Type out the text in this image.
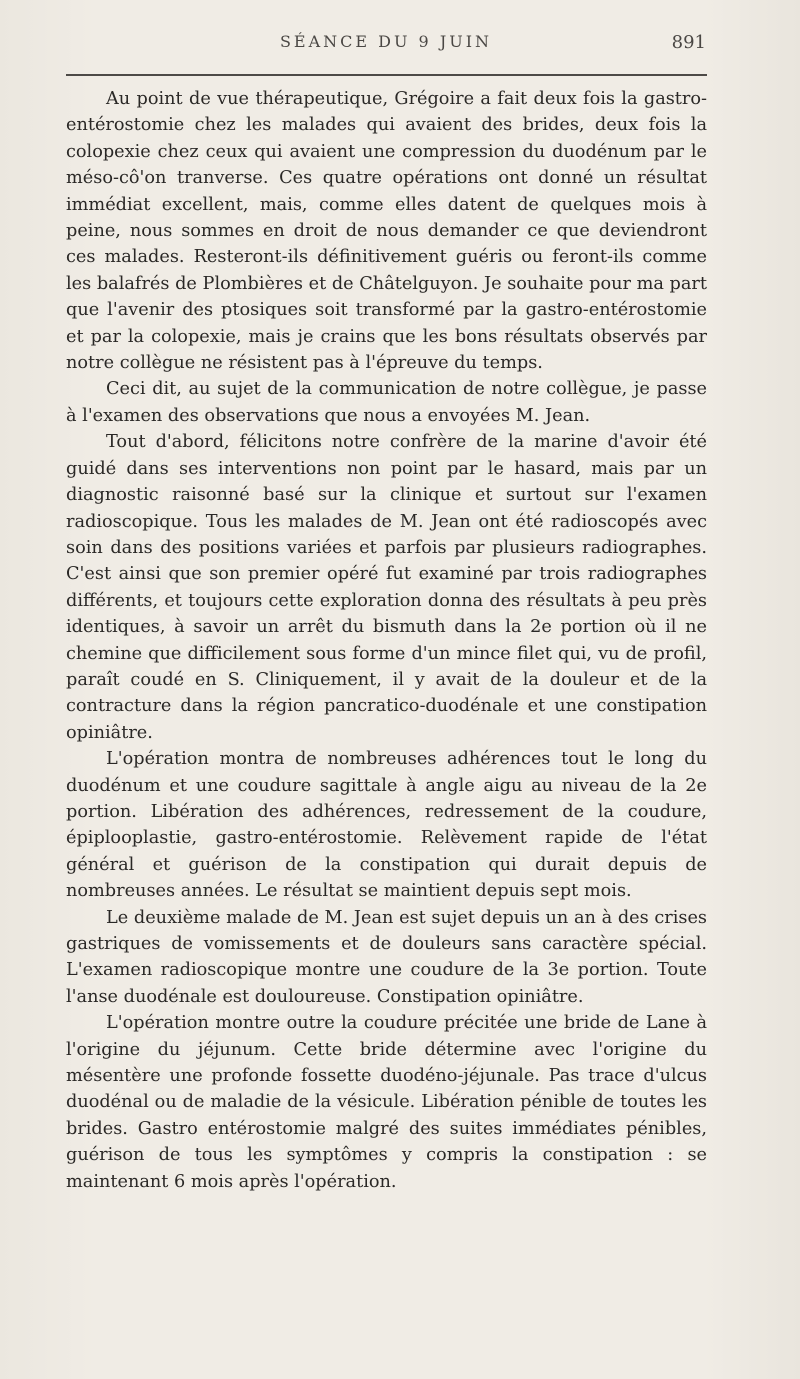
SÉANCE DU 9 JUIN	891

Au point de vue thérapeutique, Grégoire a fait deux fois la gastro-entérostomie chez les malades qui avaient des brides, deux fois la colopexie chez ceux qui avaient une compression du duodénum par le méso-cô'on tranverse. Ces quatre opérations ont donné un résultat immédiat excellent, mais, comme elles datent de quelques mois à peine, nous sommes en droit de nous demander ce que deviendront ces malades. Resteront-ils définitivement guéris ou feront-ils comme les balafrés de Plombières et de Châtelguyon. Je souhaite pour ma part que l'avenir des ptosiques soit transformé par la gastro-entérostomie et par la colopexie, mais je crains que les bons résultats observés par notre collègue ne résistent pas à l'épreuve du temps.

Ceci dit, au sujet de la communication de notre collègue, je passe à l'examen des observations que nous a envoyées M. Jean.

Tout d'abord, félicitons notre confrère de la marine d'avoir été guidé dans ses interventions non point par le hasard, mais par un diagnostic raisonné basé sur la clinique et surtout sur l'examen radioscopique. Tous les malades de M. Jean ont été radioscopés avec soin dans des positions variées et parfois par plusieurs radiographes. C'est ainsi que son premier opéré fut examiné par trois radiographes différents, et toujours cette exploration donna des résultats à peu près identiques, à savoir un arrêt du bismuth dans la 2e portion où il ne chemine que difficilement sous forme d'un mince filet qui, vu de profil, paraît coudé en S. Cliniquement, il y avait de la douleur et de la contracture dans la région pancratico-duodénale et une constipation opiniâtre.

L'opération montra de nombreuses adhérences tout le long du duodénum et une coudure sagittale à angle aigu au niveau de la 2e portion. Libération des adhérences, redressement de la coudure, épiplooplastie, gastro-entérostomie. Relèvement rapide de l'état général et guérison de la constipation qui durait depuis de nombreuses années. Le résultat se maintient depuis sept mois.

Le deuxième malade de M. Jean est sujet depuis un an à des crises gastriques de vomissements et de douleurs sans caractère spécial. L'examen radioscopique montre une coudure de la 3e portion. Toute l'anse duodénale est douloureuse. Constipation opiniâtre.

L'opération montre outre la coudure précitée une bride de Lane à l'origine du jéjunum. Cette bride détermine avec l'origine du mésentère une profonde fossette duodéno-jéjunale. Pas trace d'ulcus duodénal ou de maladie de la vésicule. Libération pénible de toutes les brides. Gastro entérostomie malgré des suites immédiates pénibles, guérison de tous les symptômes y compris la constipation : se maintenant 6 mois après l'opération.
